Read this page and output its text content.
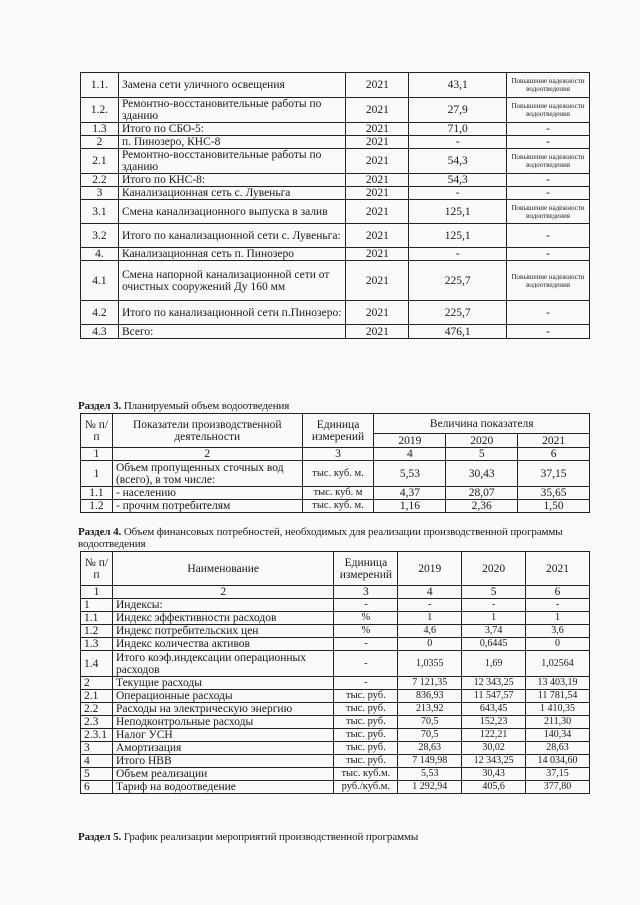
1.1.	Замена сети уличного освещения	2021	43,1	Повышение надежности водоотведения
1.2.	Ремонтно-восстановительные работы по зданию	2021	27,9	Повышение надежности водоотведения
1.3	Итого по СБО-5:	2021	71,0	-
2	п. Пинозеро, КНС-8	2021	-	-
2.1	Ремонтно-восстановительные работы по зданию	2021	54,3	Повышение надежности водоотведения
2.2	Итого по КНС-8:	2021	54,3	-
3	Канализационная сеть с. Лувеньга	2021	-	-
3.1	Смена канализационного выпуска в залив	2021	125,1	Повышение надежности водоотведения
3.2	Итого по канализационной сети с. Лувеньга:	2021	125,1	-
4.	Канализационная сеть п. Пинозеро	2021	-	-
4.1	Смена напорной канализационной сети от очистных сооружений Ду 160 мм	2021	225,7	Повышение надежности водоотведения
4.2	Итого по канализационной сети п.Пинозеро:	2021	225,7	-
4.3	Всего:	2021	476,1	-
Раздел 3. Планируемый объем водоотведения
№ п/п	Показатели производственной деятельности	Единица измерений	Величина показателя		
			2019	2020	2021
1	2	3	4	5	6
1	Объем пропущенных сточных вод (всего), в том числе:	тыс. куб. м.	5,53	30,43	37,15
1.1	- населению	тыс. куб. м	4,37	28,07	35,65
1.2	- прочим потребителям	тыс. куб. м.	1,16	2,36	1,50
Раздел 4. Объем финансовых потребностей, необходимых для реализации производственной программы водоотведения
№ п/п	Наименование	Единица измерений	2019	2020	2021
1	2	3	4	5	6
1	Индексы:	-	-	-	-
1.1	Индекс эффективности расходов	%	1	1	1
1.2	Индекс потребительских цен	%	4,6	3,74	3,6
1.3	Индекс количества активов	-	0	0,6445	0
1.4	Итого коэф.индексации операционных расходов	-	1,0355	1,69	1,02564
2	Текущие расходы	-	7 121,35	12 343,25	13 403,19
2.1	Операционные расходы	тыс. руб.	836,93	11 547,57	11 781,54
2.2	Расходы на электрическую энергию	тыс. руб.	213,92	643,45	1 410,35
2.3	Неподконтрольные расходы	тыс. руб.	70,5	152,23	211,30
2.3.1	Налог УСН	тыс. руб.	70,5	122,21	140,34
3	Амортизация	тыс. руб.	28,63	30,02	28,63
4	Итого НВВ	тыс. руб.	7 149,98	12 343,25	14 034,60
5	Объем реализации	тыс. куб.м.	5,53	30,43	37,15
6	Тариф на водоотведение	руб./куб.м.	1 292,94	405,6	377,80
Раздел 5. График реализации мероприятий производственной программы
